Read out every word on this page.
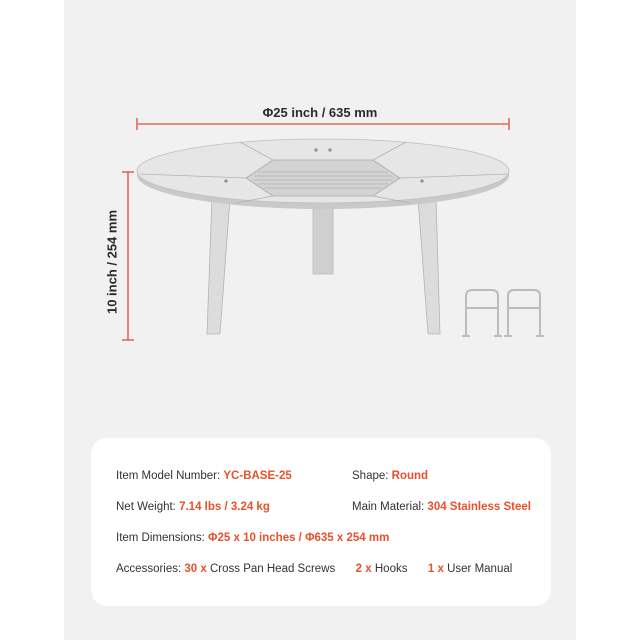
Φ25 inch / 635 mm
10 inch / 254 mm
Item Model Number: YC-BASE-25	Shape: Round
Net Weight: 7.14 lbs / 3.24 kg	Main Material: 304 Stainless Steel
Item Dimensions: Φ25 x 10 inches / Φ635 x 254 mm
Accessories: 30 x Cross Pan Head Screws 2 x Hooks 1 x User Manual
